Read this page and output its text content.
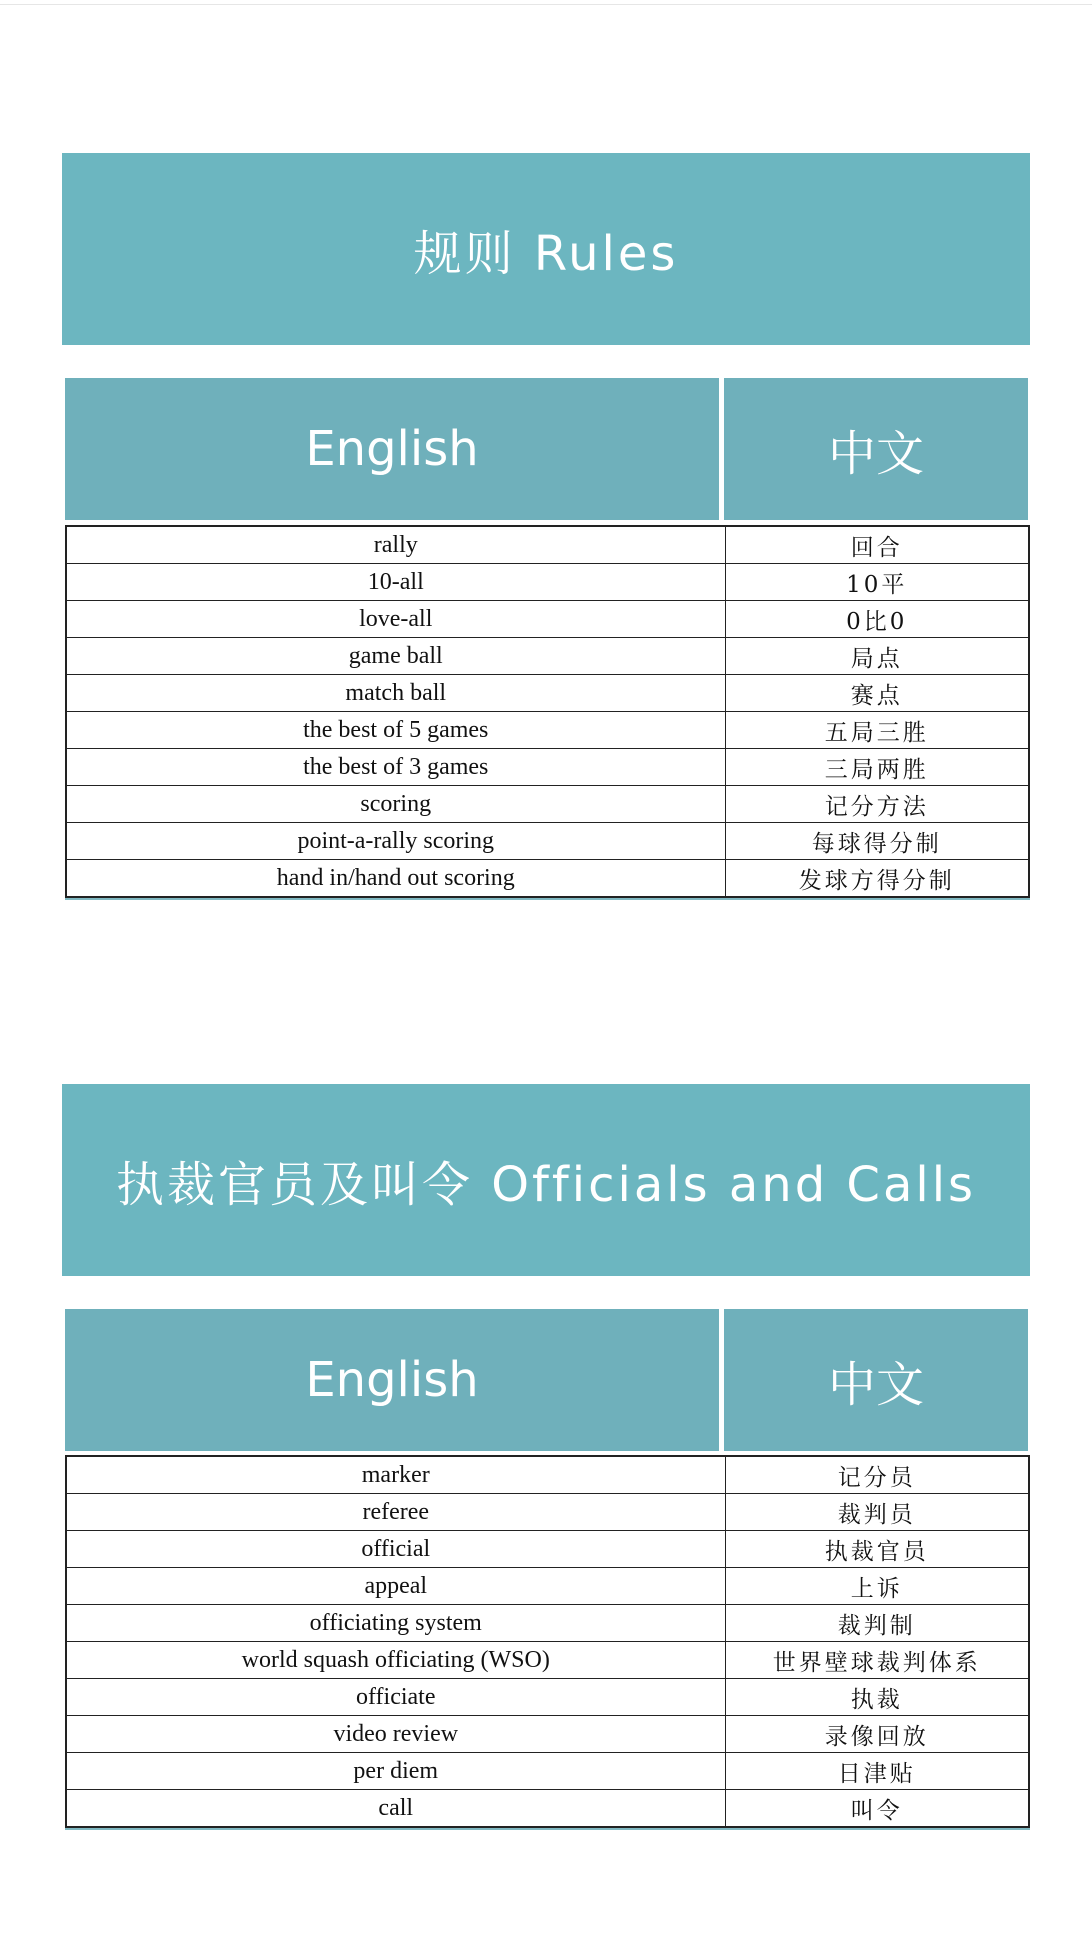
规则 Rules
English	中文
rally	回合
10-all	10平
love-all	0比0
game ball	局点
match ball	赛点
the best of 5 games	五局三胜
the best of 3 games	三局两胜
scoring	记分方法
point-a-rally scoring	每球得分制
hand in/hand out scoring	发球方得分制
执裁官员及叫令 Officials and Calls
English	中文
marker	记分员
referee	裁判员
official	执裁官员
appeal	上诉
officiating system	裁判制
world squash officiating (WSO)	世界壁球裁判体系
officiate	执裁
video review	录像回放
per diem	日津贴
call	叫令
